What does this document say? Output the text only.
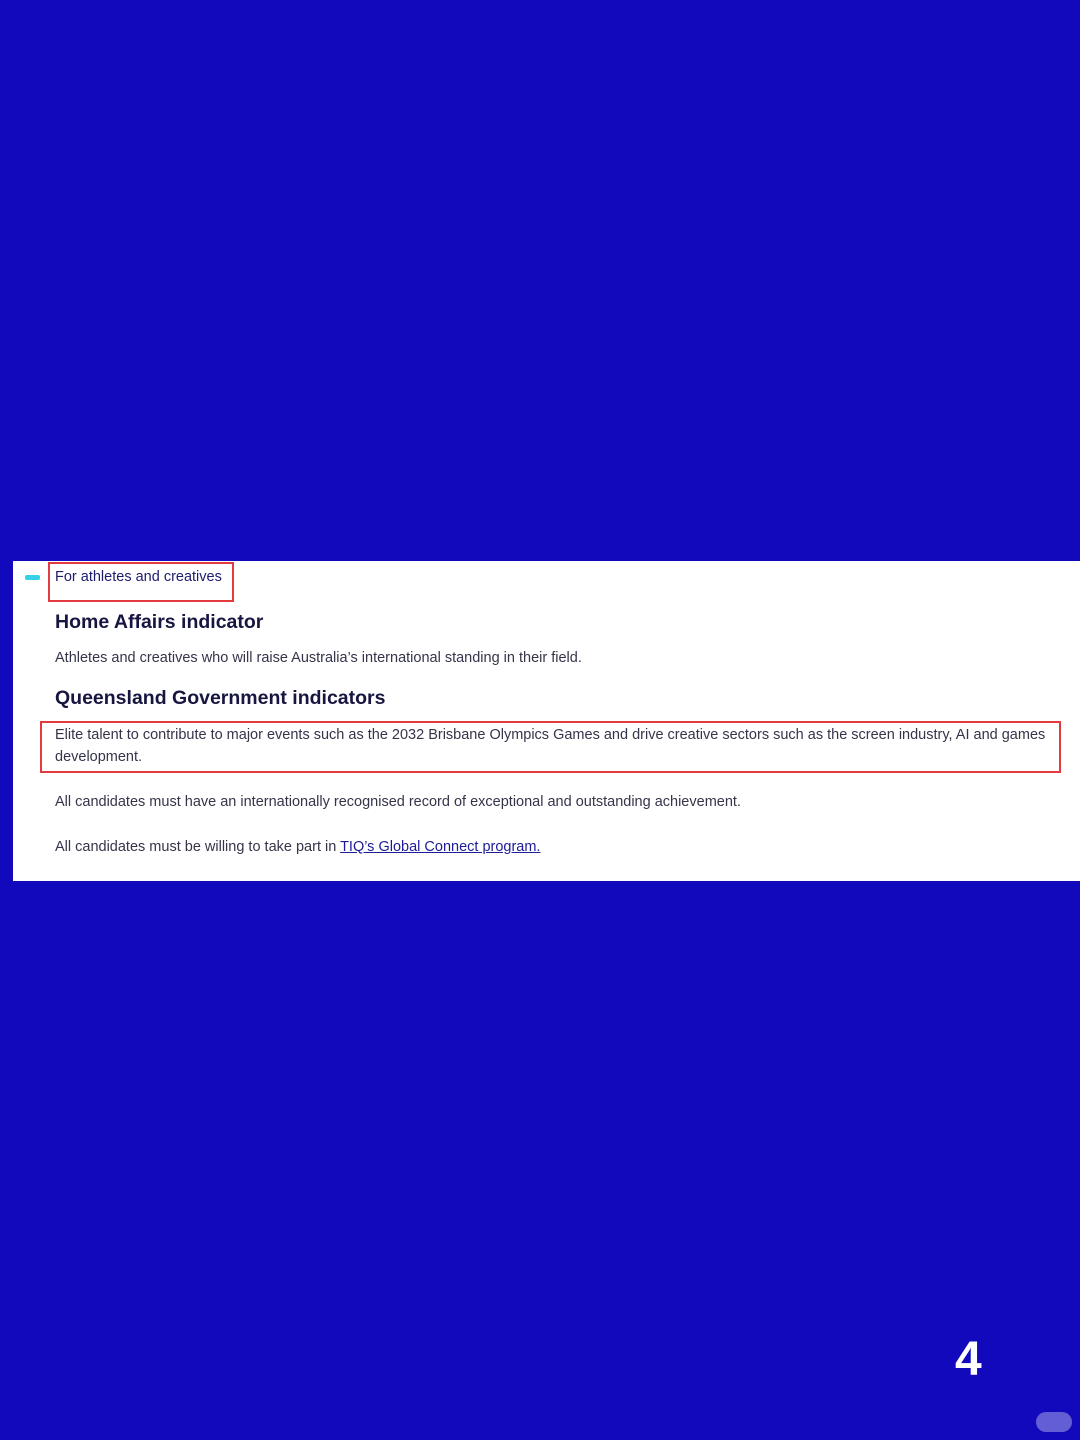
For athletes and creatives
Home Affairs indicator
Athletes and creatives who will raise Australia’s international standing in their field.
Queensland Government indicators
Elite talent to contribute to major events such as the 2032 Brisbane Olympics Games and drive creative sectors such as the screen industry, AI and games development.
All candidates must have an internationally recognised record of exceptional and outstanding achievement.
All candidates must be willing to take part in TIQ’s Global Connect program.
4
